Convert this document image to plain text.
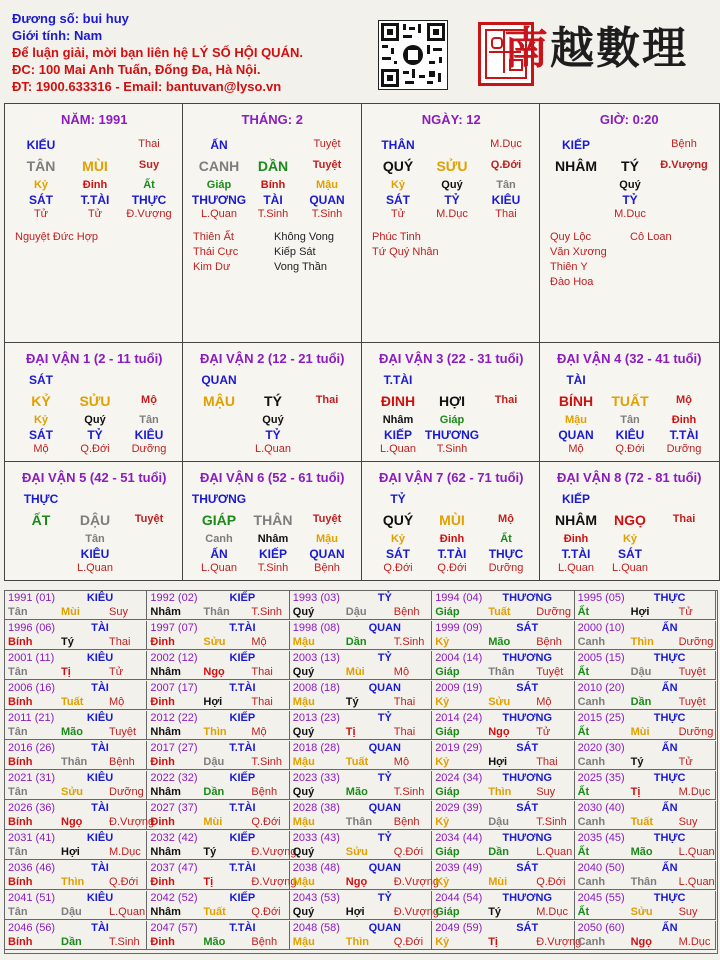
Đương số: bui huy
Giới tính: Nam
Để luận giải, mời bạn liên hệ LÝ SỐ HỘI QUÁN.
ĐC: 100 Mai Anh Tuấn, Đống Đa, Hà Nội.
ĐT: 1900.633316 - Email: bantuvan@lyso.vn
南越數理
NĂM: 1991
KIẾU	Thai
TÂN	MÙI	Suy
Kỷ
SÁT
Tử
Đinh
T.TÀI
Tử
Ất
THỰC
Đ.Vượng
Nguyệt Đức Hợp
THÁNG: 2
ẤN	Tuyệt
CANH	DẦN	Tuyệt
Giáp
THƯƠNG
L.Quan
Bính
TÀI
T.Sinh
Mậu
QUAN
T.Sinh
Thiên Ất
Thái Cực
Kim Dư
Không Vong
Kiếp Sát
Vong Thần
NGÀY: 12
THÂN	M.Dục
QUÝ	SỬU	Q.Đới
Kỷ
SÁT
Tử
Quý
TỶ
M.Dục
Tân
KIÊU
Thai
Phúc Tinh
Tứ Quý Nhân
GIỜ: 0:20
KIẾP	Bệnh
NHÂM	TÝ	Đ.Vượng
Quý
TỶ
M.Dục
Quy Lộc
Văn Xương
Thiên Y
Đào Hoa
Cô Loan
ĐẠI VẬN 1 (2 - 11 tuổi)
SÁT
KỶ	SỬU	Mộ
Kỷ
SÁT
Mộ
Quý
TỶ
Q.Đới
Tân
KIÊU
Dưỡng
ĐẠI VẬN 2 (12 - 21 tuổi)
QUAN
MẬU	TÝ	Thai
Quý
TỶ
L.Quan
ĐẠI VẬN 3 (22 - 31 tuổi)
T.TÀI
ĐINH	HỢI	Thai
Nhâm
KIẾP
L.Quan
Giáp
THƯƠNG
T.Sinh
ĐẠI VẬN 4 (32 - 41 tuổi)
TÀI
BÍNH	TUẤT	Mộ
Mậu
QUAN
Mộ
Tân
KIÊU
Q.Đới
Đinh
T.TÀI
Dưỡng
ĐẠI VẬN 5 (42 - 51 tuổi)
THỰC
ẤT	DẬU	Tuyệt
Tân
KIÊU
L.Quan
ĐẠI VẬN 6 (52 - 61 tuổi)
THƯƠNG
GIÁP	THÂN	Tuyệt
Canh
ẤN
L.Quan
Nhâm
KIẾP
T.Sinh
Mậu
QUAN
Bệnh
ĐẠI VẬN 7 (62 - 71 tuổi)
TỶ
QUÝ	MÙI	Mộ
Kỷ
SÁT
Q.Đới
Đinh
T.TÀI
Q.Đới
Ất
THỰC
Dưỡng
ĐẠI VẬN 8 (72 - 81 tuổi)
KIẾP
NHÂM	NGỌ	Thai
Đinh
T.TÀI
L.Quan
Kỷ
SÁT
L.Quan
1991 (01)	KIÊU
Tân	Mùi	Suy
1992 (02)	KIẾP
Nhâm Thân T.Sinh
1993 (03)	TỶ
Quý	Dậu Bệnh
1994 (04)	THƯƠNG
Giáp	Tuất Dưỡng
1995 (05)	THỰC
Ất	Hợi	Tử
1996 (06)	TÀI
Bính	Tý	Thai
1997 (07)	T.TÀI
Đinh	Sửu Mộ
1998 (08)	QUAN
Mậu	Dần T.Sinh
1999 (09)	SÁT
Kỷ	Mão Bệnh
2000 (10)	ẤN
Canh Thìn Dưỡng
2001 (11)	KIÊU
Tân	Tị	Tử
2002 (12)	KIẾP
Nhâm Ngọ Thai
2003 (13)	TỶ
Quý	Mùi	Mộ
2004 (14)	THƯƠNG
Giáp	Thân Tuyệt
2005 (15)	THỰC
Ất	Dậu Tuyệt
2006 (16)	TÀI
Bính	Tuất Mộ
2007 (17)	T.TÀI
Đinh	Hợi	Thai
2008 (18)	QUAN
Mậu	Tý	Thai
2009 (19)	SÁT
Kỷ	Sửu Mộ
2010 (20)	ẤN
Canh Dần Tuyệt
2011 (21)	KIÊU
Tân	Mão Tuyệt
2012 (22)	KIẾP
Nhâm Thìn Mộ
2013 (23)	TỶ
Quý	Tị	Thai
2014 (24)	THƯƠNG
Giáp	Ngọ Tử
2015 (25)	THỰC
Ất	Mùi	Dưỡng
2016 (26)	TÀI
Bính	Thân Bệnh
2017 (27)	T.TÀI
Đinh	Dậu T.Sinh
2018 (28)	QUAN
Mậu	Tuất Mộ
2019 (29)	SÁT
Kỷ	Hợi	Thai
2020 (30)	ẤN
Canh Tý	Tử
2021 (31)	KIÊU
Tân	Sửu Dưỡng
2022 (32)	KIẾP
Nhâm Dần Bệnh
2023 (33)	TỶ
Quý	Mão T.Sinh
2024 (34)	THƯƠNG
Giáp	Thìn Suy
2025 (35)	THỰC
Ất	Tị	M.Dục
2026 (36)	TÀI
Bính	Ngọ Đ.Vượng
2027 (37)	T.TÀI
Đinh	Mùi	Q.Đới
2028 (38)	QUAN
Mậu	Thân Bệnh
2029 (39)	SÁT
Kỷ	Dậu T.Sinh
2030 (40)	ẤN
Canh Tuất Suy
2031 (41)	KIÊU
Tân	Hợi	M.Dục
2032 (42)	KIẾP
Nhâm Tý	Đ.Vượng
2033 (43)	TỶ
Quý	Sửu Q.Đới
2034 (44)	THƯƠNG
Giáp	Dần L.Quan
2035 (45)	THỰC
Ất	Mão L.Quan
2036 (46)	TÀI
Bính	Thìn Q.Đới
2037 (47)	T.TÀI
Đinh	Tị	Đ.Vượng
2038 (48)	QUAN
Mậu	Ngọ Đ.Vượng
2039 (49)	SÁT
Kỷ	Mùi	Q.Đới
2040 (50)	ẤN
Canh Thân L.Quan
2041 (51)	KIÊU
Tân	Dậu L.Quan
2042 (52)	KIẾP
Nhâm Tuất Q.Đới
2043 (53)	TỶ
Quý	Hợi	Đ.Vượng
2044 (54)	THƯƠNG
Giáp	Tý	M.Dục
2045 (55)	THỰC
Ất	Sửu Suy
2046 (56)	TÀI
Bính	Dần T.Sinh
2047 (57)	T.TÀI
Đinh	Mão Bệnh
2048 (58)	QUAN
Mậu	Thìn Q.Đới
2049 (59)	SÁT
Kỷ	Tị	Đ.Vượng
2050 (60)	ẤN
Canh Ngọ M.Dục
